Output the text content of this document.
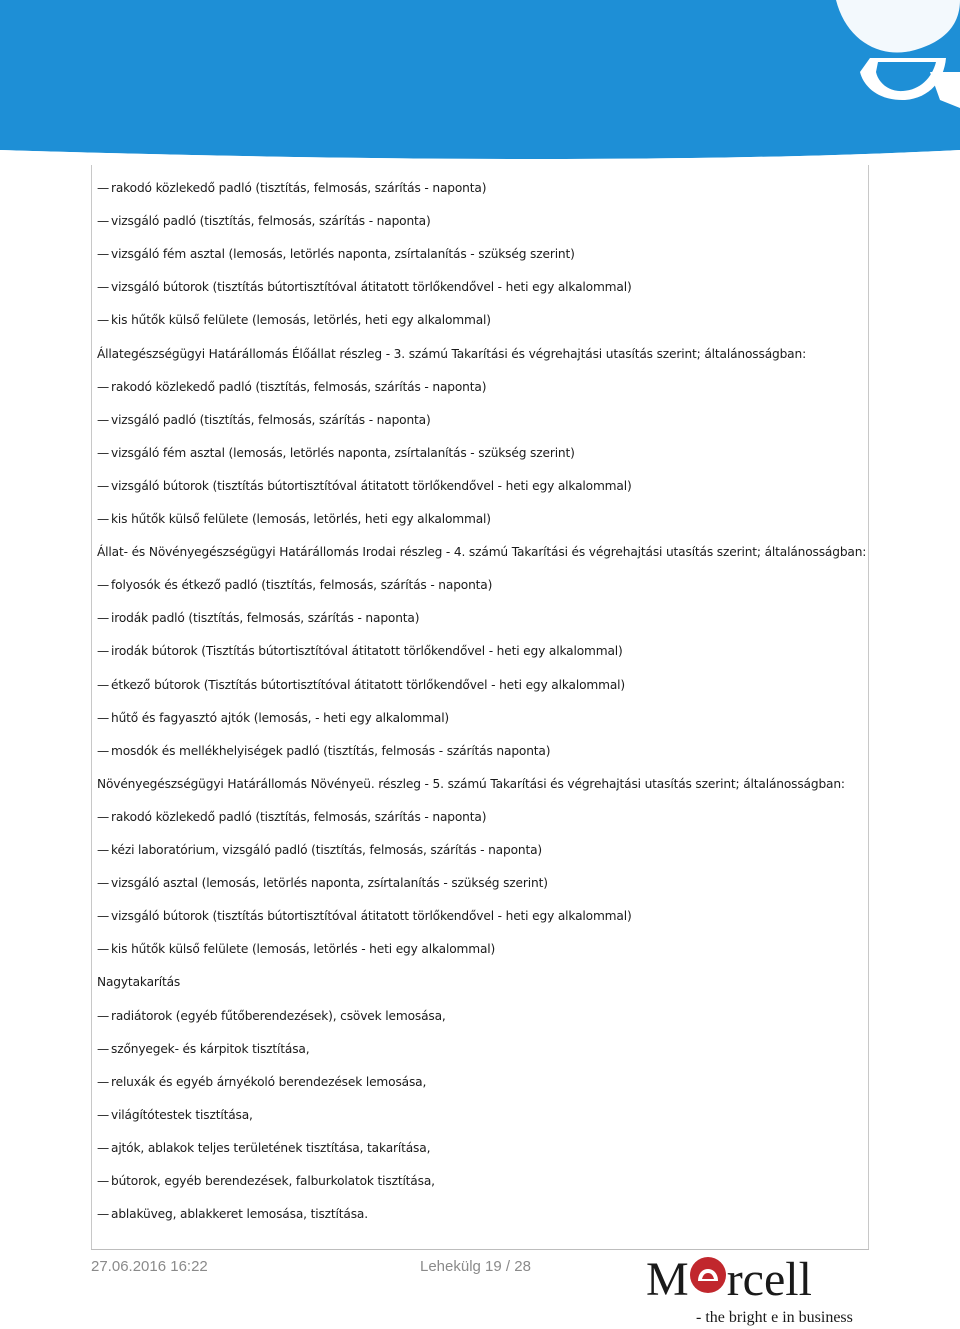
— rakodó közlekedő padló (tisztítás, felmosás, szárítás - naponta)
— vizsgáló padló (tisztítás, felmosás, szárítás - naponta)
— vizsgáló fém asztal (lemosás, letörlés naponta, zsírtalanítás - szükség szerint)
— vizsgáló bútorok (tisztítás bútortisztítóval átitatott törlőkendővel - heti egy alkalommal)
— kis hűtők külső felülete (lemosás, letörlés, heti egy alkalommal)
Állategészségügyi Határállomás Élőállat részleg - 3. számú Takarítási és végrehajtási utasítás szerint; általánosságban:
— rakodó közlekedő padló (tisztítás, felmosás, szárítás - naponta)
— vizsgáló padló (tisztítás, felmosás, szárítás - naponta)
— vizsgáló fém asztal (lemosás, letörlés naponta, zsírtalanítás - szükség szerint)
— vizsgáló bútorok (tisztítás bútortisztítóval átitatott törlőkendővel - heti egy alkalommal)
— kis hűtők külső felülete (lemosás, letörlés, heti egy alkalommal)
Állat- és Növényegészségügyi Határállomás Irodai részleg - 4. számú Takarítási és végrehajtási utasítás szerint; általánosságban:
— folyosók és étkező padló (tisztítás, felmosás, szárítás - naponta)
— irodák padló (tisztítás, felmosás, szárítás - naponta)
— irodák bútorok (Tisztítás bútortisztítóval átitatott törlőkendővel - heti egy alkalommal)
— étkező bútorok (Tisztítás bútortisztítóval átitatott törlőkendővel - heti egy alkalommal)
— hűtő és fagyasztó ajtók (lemosás, - heti egy alkalommal)
— mosdók és mellékhelyiségek padló (tisztítás, felmosás - szárítás naponta)
Növényegészségügyi Határállomás Növényeü. részleg - 5. számú Takarítási és végrehajtási utasítás szerint; általánosságban:
— rakodó közlekedő padló (tisztítás, felmosás, szárítás - naponta)
— kézi laboratórium, vizsgáló padló (tisztítás, felmosás, szárítás - naponta)
— vizsgáló asztal (lemosás, letörlés naponta, zsírtalanítás - szükség szerint)
— vizsgáló bútorok (tisztítás bútortisztítóval átitatott törlőkendővel - heti egy alkalommal)
— kis hűtők külső felülete (lemosás, letörlés - heti egy alkalommal)
Nagytakarítás
— radiátorok (egyéb fűtőberendezések), csövek lemosása,
— szőnyegek- és kárpitok tisztítása,
— reluxák és egyéb árnyékoló berendezések lemosása,
— világítótestek tisztítása,
— ajtók, ablakok teljes területének tisztítása, takarítása,
— bútorok, egyéb berendezések, falburkolatok tisztítása,
— ablaküveg, ablakkeret lemosása, tisztítása.
27.06.2016 16:22	Lehekülg 19 / 28 M rcell
- the bright e in business
